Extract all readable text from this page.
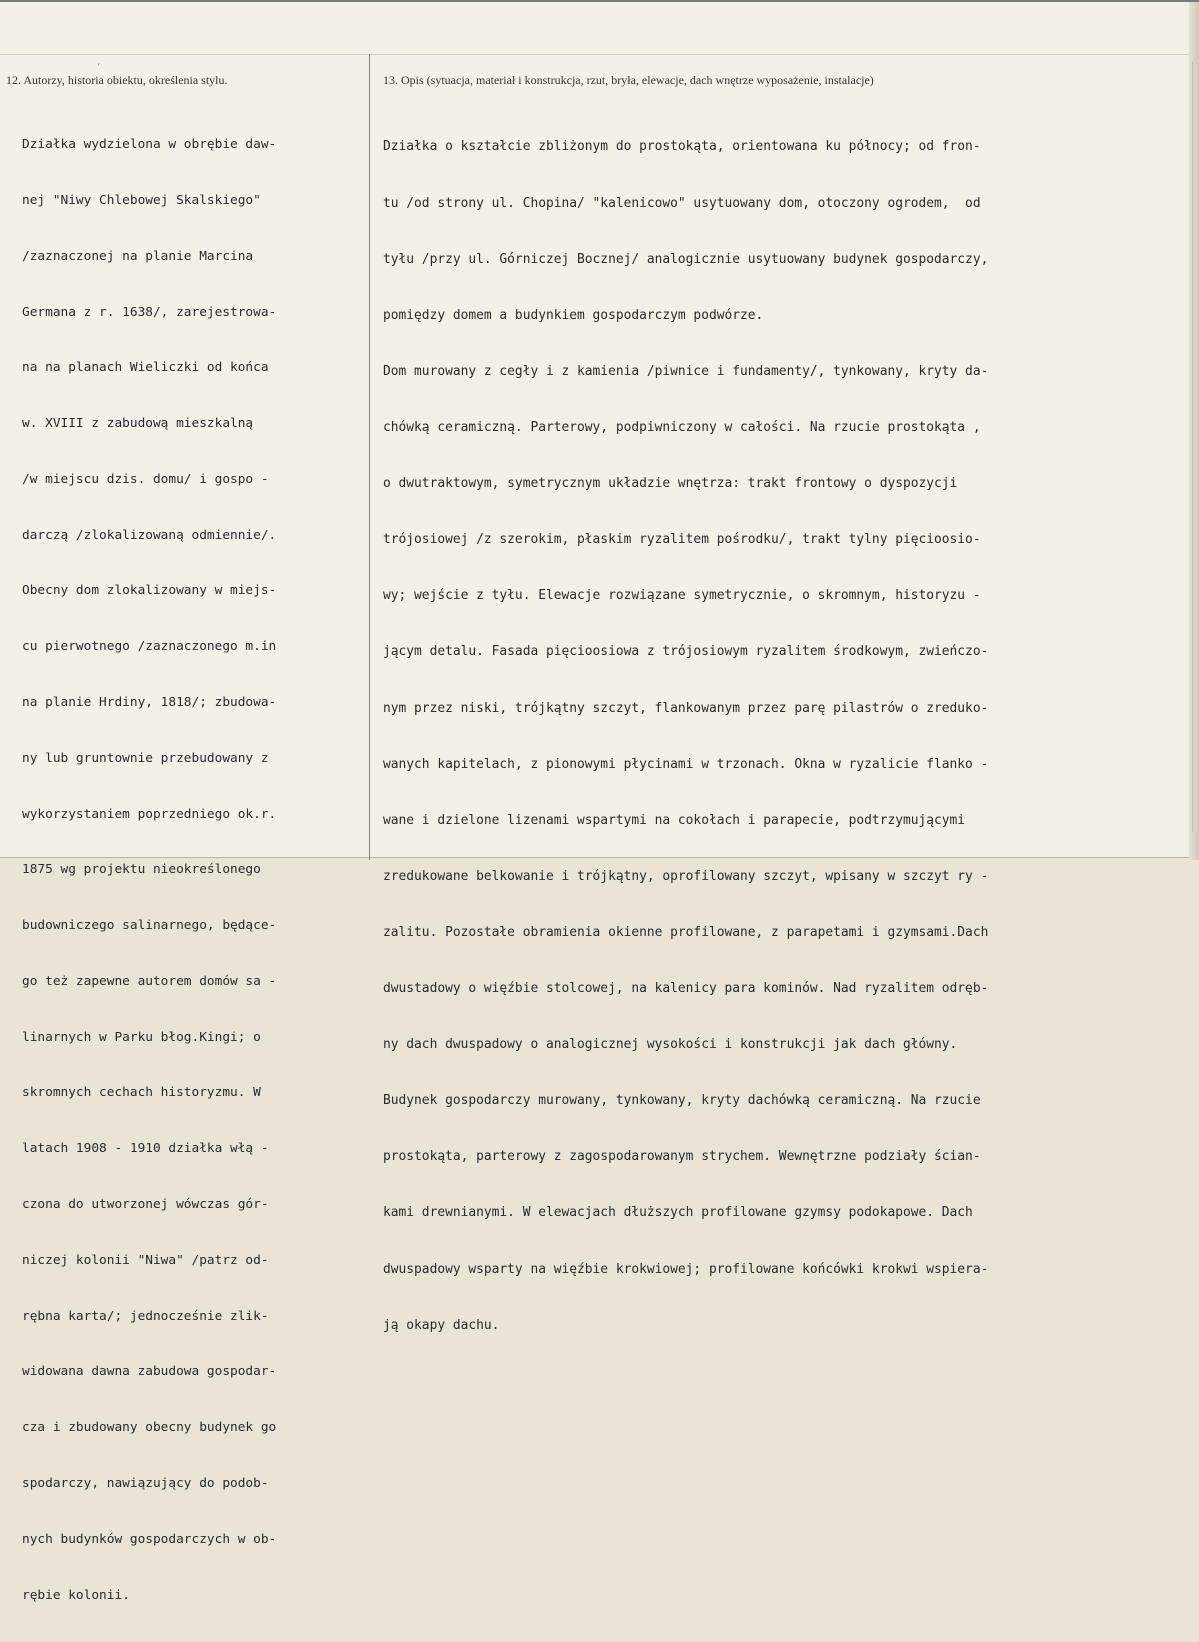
'
12. Autorzy, historia obiektu, określenia stylu.	13. Opis (sytuacja, materiał i konstrukcja, rzut, bryła, elewacje, dach wnętrze wyposażenie, instalacje)

Działka wydzielona w obrębie daw-

nej "Niwy Chlebowej Skalskiego"

/zaznaczonej na planie Marcina

Germana z r. 1638/, zarejestrowa-

na na planach Wieliczki od końca

w. XVIII z zabudową mieszkalną

/w miejscu dzis. domu/ i gospo -

darczą /zlokalizowaną odmiennie/.

Obecny dom zlokalizowany w miejs-

cu pierwotnego /zaznaczonego m.in

na planie Hrdiny, 1818/; zbudowa-

ny lub gruntownie przebudowany z

wykorzystaniem poprzedniego ok.r.

1875 wg projektu nieokreślonego

budowniczego salinarnego, będące-

go też zapewne autorem domów sa -

linarnych w Parku błog.Kingi; o

skromnych cechach historyzmu. W

latach 1908 - 1910 działka włą -

czona do utworzonej wówczas gór-

niczej kolonii "Niwa" /patrz od-

rębna karta/; jednocześnie zlik-

widowana dawna zabudowa gospodar-

cza i zbudowany obecny budynek go

spodarczy, nawiązujący do podob-

nych budynków gospodarczych w ob-

rębie kolonii.

Działka o kształcie zbliżonym do prostokąta, orientowana ku północy; od fron-

tu /od strony ul. Chopina/ "kalenicowo" usytuowany dom, otoczony ogrodem,  od

tyłu /przy ul. Górniczej Bocznej/ analogicznie usytuowany budynek gospodarczy,

pomiędzy domem a budynkiem gospodarczym podwórze.

Dom murowany z cegły i z kamienia /piwnice i fundamenty/, tynkowany, kryty da-

chówką ceramiczną. Parterowy, podpiwniczony w całości. Na rzucie prostokąta ,

o dwutraktowym, symetrycznym układzie wnętrza: trakt frontowy o dyspozycji

trójosiowej /z szerokim, płaskim ryzalitem pośrodku/, trakt tylny pięcioosio-

wy; wejście z tyłu. Elewacje rozwiązane symetrycznie, o skromnym, historyzu -

jącym detalu. Fasada pięcioosiowa z trójosiowym ryzalitem środkowym, zwieńczo-

nym przez niski, trójkątny szczyt, flankowanym przez parę pilastrów o zreduko-

wanych kapitelach, z pionowymi płycinami w trzonach. Okna w ryzalicie flanko -

wane i dzielone lizenami wspartymi na cokołach i parapecie, podtrzymującymi

zredukowane belkowanie i trójkątny, oprofilowany szczyt, wpisany w szczyt ry -

zalitu. Pozostałe obramienia okienne profilowane, z parapetami i gzymsami.Dach

dwustadowy o więźbie stolcowej, na kalenicy para kominów. Nad ryzalitem odręb-

ny dach dwuspadowy o analogicznej wysokości i konstrukcji jak dach główny.

Budynek gospodarczy murowany, tynkowany, kryty dachówką ceramiczną. Na rzucie

prostokąta, parterowy z zagospodarowanym strychem. Wewnętrzne podziały ścian-

kami drewnianymi. W elewacjach dłuższych profilowane gzymsy podokapowe. Dach

dwuspadowy wsparty na więźbie krokwiowej; profilowane końcówki krokwi wspiera-

ją okapy dachu.
